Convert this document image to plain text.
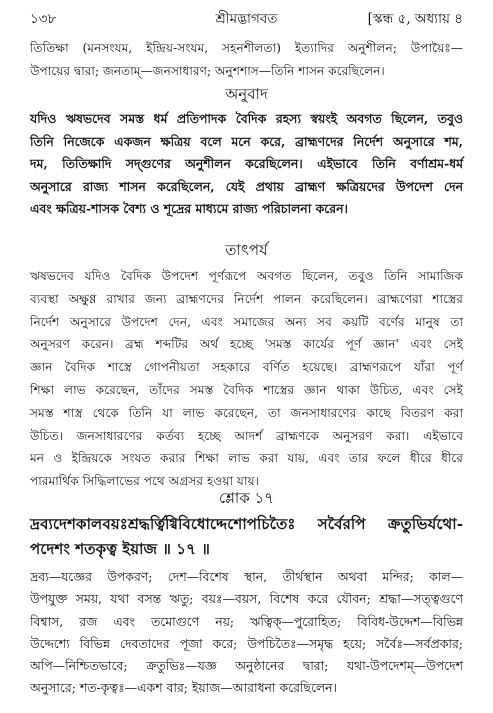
১৩৮	শ্রীমদ্ভাগবত	[স্কন্ধ ৫, অধ্যায় ৪

তিতিক্ষা (মনসংযম, ইন্দ্রিয়-সংযম, সহনশীলতা) ইত্যাদির অনুশীলন; উপায়ৈঃ—

উপায়ের দ্বারা; জনতাম্—জনসাধারণ; অনুশশাস—তিনি শাসন করেছিলেন।

অনুবাদ

যদিও ঋষভদেব সমস্ত ধর্ম প্রতিপাদক বৈদিক রহস্য স্বয়ংই অবগত ছিলেন, তবুও

তিনি নিজেকে একজন ক্ষত্রিয় বলে মনে করে, ব্রাহ্মণদের নির্দেশ অনুসারে শম,

দম, তিতিক্ষাদি সদ্‌গুণের অনুশীলন করেছিলেন। এইভাবে তিনি বর্ণাশ্রম-ধর্ম

অনুসারে রাজ্য শাসন করেছিলেন, যেই প্রথায় ব্রাহ্মণ ক্ষত্রিয়দের উপদেশ দেন

এবং ক্ষত্রিয়-শাসক বৈশ্য ও শূদ্রের মাধ্যমে রাজ্য পরিচালনা করেন।

তাৎপর্য

ঋষভদেব যদিও বৈদিক উপদেশ পূর্ণরূপে অবগত ছিলেন, তবুও তিনি সামাজিক

ব্যবস্থা অক্ষুণ্ণ রাখার জন্য ব্রাহ্মণদের নির্দেশ পালন করেছিলেন। ব্রাহ্মণেরা শাস্ত্রের

নির্দেশ অনুসারে উপদেশ দেন, এবং সমাজের অন্য সব কয়টি বর্ণের মানুষ তা

অনুসরণ করেন। ব্রহ্ম শব্দটির অর্থ হচ্ছে 'সমস্ত কার্যের পূর্ণ জ্ঞান' এবং সেই

জ্ঞান বৈদিক শাস্ত্রে গোপনীয়তা সহকারে বর্ণিত হয়েছে। ব্রাহ্মণরূপে যাঁরা পূর্ণ

শিক্ষা লাভ করেছেন, তাঁদের সমস্ত বৈদিক শাস্ত্রের জ্ঞান থাকা উচিত, এবং সেই

সমস্ত শাস্ত্র থেকে তিনি যা লাভ করেছেন, তা জনসাধারণের কাছে বিতরণ করা

উচিত। জনসাধারণের কর্তব্য হচ্ছে আদর্শ ব্রাহ্মণকে অনুসরণ করা। এইভাবে

মন ও ইন্দ্রিয়কে সংযত করার শিক্ষা লাভ করা যায়, এবং তার ফলে ধীরে ধীরে

পারমার্থিক সিদ্ধিলাভের পথে অগ্রসর হওয়া যায়।

শ্লোক ১৭

দ্রব্যদেশকালবয়ঃশ্রদ্ধর্ত্বিগ্বিবিধোদ্দেশোপচিতৈঃ সর্বৈরপি ক্রতুভির্যথো-

পদেশং শতকৃত্ব ইয়াজ ॥ ১৭ ॥

দ্রব্য—যজ্ঞের উপকরণ; দেশ—বিশেষ স্থান, তীর্থস্থান অথবা মন্দির; কাল—

উপযুক্ত সময়, যথা বসন্ত ঋতু; বয়ঃ—বয়স, বিশেষ করে যৌবন; শ্রদ্ধা—সত্ত্বগুণে

বিশ্বাস, রজ এবং তমোগুণে নয়; ঋত্বিক্—পুরোহিত; বিবিধ-উদ্দেশ—বিভিন্ন

উদ্দেশ্যে বিভিন্ন দেবতাদের পূজা করে; উপচিতৈঃ—সমৃদ্ধ হয়ে; সর্বৈঃ—সর্বপ্রকার;

অপি—নিশ্চিতভাবে; ক্রতুভিঃ—যজ্ঞ অনুষ্ঠানের দ্বারা; যথা-উপদেশম্—উপদেশ

অনুসারে; শত-কৃত্বঃ—একশ বার; ইয়াজ—আরাধনা করেছিলেন।
